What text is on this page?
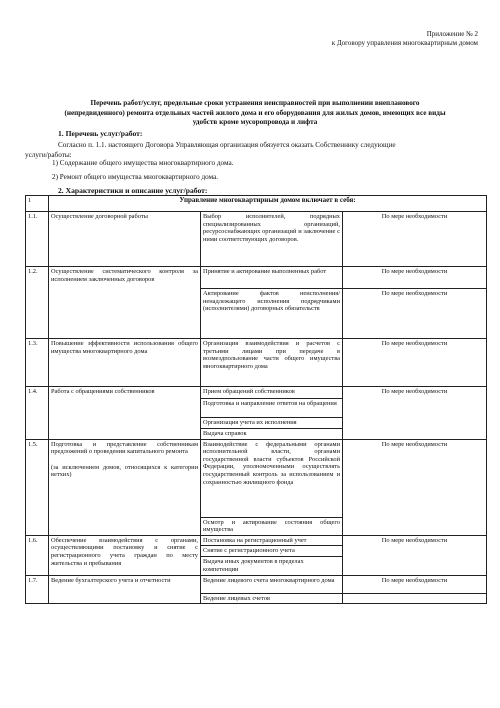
Приложение № 2
к Договору управления многоквартирным домом
Перечень работ/услуг, предельные сроки устранения неисправностей при выполнении внепланового
(непредвиденного) ремонта отдельных частей жилого дома и его оборудования для жилых домов, имеющих все виды
удобств кроме мусоропровода и лифта
1. Перечень услуг/работ:
Согласно п. 1.1. настоящего Договора Управляющая организация обязуется оказать Собственнику следующие
услуги/работы:
1) Содержание общего имущества многоквартирного дома.
2) Ремонт общего имущества многоквартирного дома.
2. Характеристики и описание услуг/работ:
1	Управление многоквартирным домом включает в себя:		
1.1.	Осуществление договорной работы	Выбор исполнителей, подрядных специализированных организаций, ресурсоснабжающих организаций и заключение с ними соответствующих договоров.	По мере необходимости
1.2.	Осуществление систематического контроля за исполнением заключенных договоров	Принятие и актирование выполненных работ	По мере необходимости
		Актирование фактов неисполнения/ненадлежащего исполнения подрядчиками (исполнителями) договорных обязательств	По мере необходимости
1.3.	Повышение эффективности использования общего имущества многоквартирного дома	Организация взаимодействия и расчетов с третьими лицами при передаче в возмездпользование части общего имущества многоквартирного дома	По мере необходимости
1.4.	Работа с обращениями собственников	Прием обращений собственников	По мере необходимости
		Подготовка и направление ответов на обращения	
		Организация учета их исполнения	
		Выдача справок	
1.5.	Подготовка и представление собственникам предложений о проведении капитального ремонта
(за исключением домов, относящихся к категории ветхих)	Взаимодействие с федеральными органами исполнительной власти, органами государственной власти субъектов Российской Федерации, уполномоченными осуществлять государственный контроль за использованием и сохранностью жилищного фонда	По мере необходимости
		Осмотр и актирование состояния общего имущества	
1.6.	Обеспечение взаимодействия с органами, осуществляющими постановку и снятие с регистрационного учета граждан по месту жительства и пребывания	Постановка на регистрационный учет	По мере необходимости
		Снятие с регистрационного учета	
		Выдача иных документов в пределах компетенции	
1.7.	Ведение бухгалтерского учета и отчетности	Ведение лицевого счета многоквартирного дома	По мере необходимости
		Ведение лицевых счетов	
